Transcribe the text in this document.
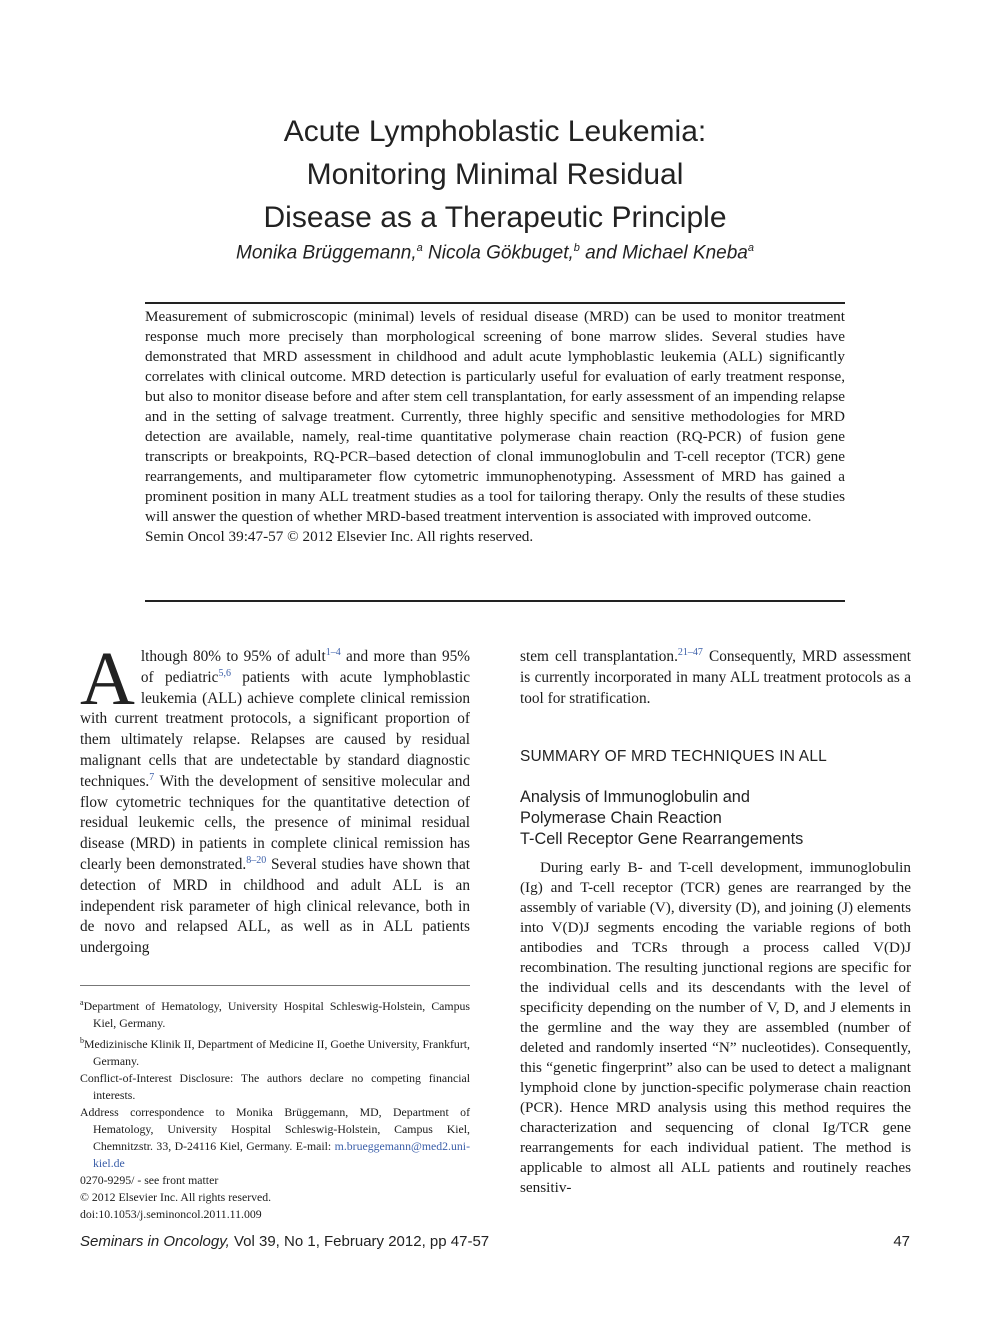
Acute Lymphoblastic Leukemia:
Monitoring Minimal Residual
Disease as a Therapeutic Principle
Monika Brüggemann,$^a$ Nicola Gökbuget,$^b$ and Michael Kneba$^a$
Measurement of submicroscopic (minimal) levels of residual disease (MRD) can be used to monitor treatment response much more precisely than morphological screening of bone marrow slides. Several studies have demonstrated that MRD assessment in childhood and adult acute lymphoblastic leukemia (ALL) significantly correlates with clinical outcome. MRD detection is particularly useful for evaluation of early treatment response, but also to monitor disease before and after stem cell transplantation, for early assessment of an impending relapse and in the setting of salvage treatment. Currently, three highly specific and sensitive methodologies for MRD detection are available, namely, real-time quantitative polymerase chain reaction (RQ-PCR) of fusion gene transcripts or breakpoints, RQ-PCR–based detection of clonal immunoglobulin and T-cell receptor (TCR) gene rearrangements, and multiparameter flow cytometric immunophenotyping. Assessment of MRD has gained a prominent position in many ALL treatment studies as a tool for tailoring therapy. Only the results of these studies will answer the question of whether MRD-based treatment intervention is associated with improved outcome.
Semin Oncol 39:47-57 © 2012 Elsevier Inc. All rights reserved.

Although 80% to 95% of adult$^{1-4}$ and more than 95% of pediatric$^{5,6}$ patients with acute lymphoblastic leukemia (ALL) achieve complete clinical remission with current treatment protocols, a significant proportion of them ultimately relapse. Relapses are caused by residual malignant cells that are undetectable by standard diagnostic techniques.$^7$ With the development of sensitive molecular and flow cytometric techniques for the quantitative detection of residual leukemic cells, the presence of minimal residual disease (MRD) in patients in complete clinical remission has clearly been demonstrated.$^{8-20}$ Several studies have shown that detection of MRD in childhood and adult ALL is an independent risk parameter of high clinical relevance, both in de novo and relapsed ALL, as well as in ALL patients undergoing

$^a$Department of Hematology, University Hospital Schleswig-Holstein, Campus Kiel, Germany.

$^b$Medizinische Klinik II, Department of Medicine II, Goethe University, Frankfurt, Germany.

Conflict-of-Interest Disclosure: The authors declare no competing financial interests.

Address correspondence to Monika Brüggemann, MD, Department of Hematology, University Hospital Schleswig-Holstein, Campus Kiel, Chemnitzstr. 33, D-24116 Kiel, Germany. E-mail: m.brueggemann@med2.uni-kiel.de

0270-9295/ - see front matter

© 2012 Elsevier Inc. All rights reserved.

doi:10.1053/j.seminoncol.2011.11.009

stem cell transplantation.$^{21-47}$ Consequently, MRD assessment is currently incorporated in many ALL treatment protocols as a tool for stratification.

SUMMARY OF MRD TECHNIQUES IN ALL
Analysis of Immunoglobulin and
Polymerase Chain Reaction
T-Cell Receptor Gene Rearrangements

During early B- and T-cell development, immunoglobulin (Ig) and T-cell receptor (TCR) genes are rearranged by the assembly of variable (V), diversity (D), and joining (J) elements into V(D)J segments encoding the variable regions of both antibodies and TCRs through a process called V(D)J recombination. The resulting junctional regions are specific for the individual cells and its descendants with the level of specificity depending on the number of V, D, and J elements in the germline and the way they are assembled (number of deleted and randomly inserted “N” nucleotides). Consequently, this “genetic fingerprint” also can be used to detect a malignant lymphoid clone by junction-specific polymerase chain reaction (PCR). Hence MRD analysis using this method requires the characterization and sequencing of clonal Ig/TCR gene rearrangements for each individual patient. The method is applicable to almost all ALL patients and routinely reaches sensitiv-

Seminars in Oncology, Vol 39, No 1, February 2012, pp 47-57	47
